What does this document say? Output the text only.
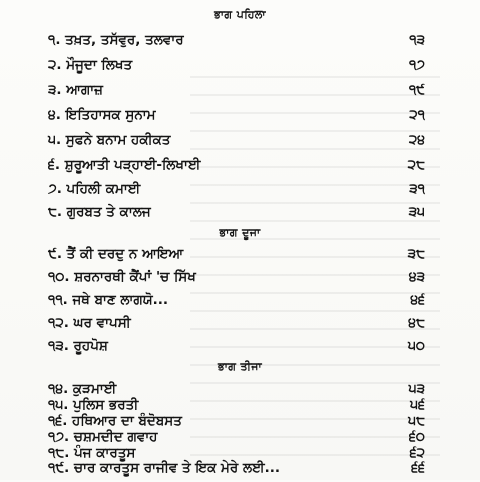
ਭਾਗ ਪਹਿਲਾ
੧. ਤਖ਼ਤ, ਤਸੱਵੁਰ, ਤਲਵਾਰ	੧੩
੨. ਮੌਜੂਦਾ ਲਿਖਤ	੧੭
੩. ਆਗਾਜ਼	੧੯
੪. ਇਤਿਹਾਸਕ ਸੁਨਾਮ	੨੧
੫. ਸੁਫਨੇ ਬਨਾਮ ਹਕੀਕਤ	੨੪
੬. ਸ਼ੁਰੂਆਤੀ ਪੜ੍ਹਾਈ-ਲਿਖਾਈ	੨੮
੭. ਪਹਿਲੀ ਕਮਾਈ	੩੧
੮. ਗੁਰਬਤ ਤੇ ਕਾਲਜ	੩੫
ਭਾਗ ਦੂਜਾ
੯. ਤੈਂ ਕੀ ਦਰਦੁ ਨ ਆਇਆ	੩੮
੧੦. ਸ਼ਰਨਾਰਥੀ ਕੈਂਪਾਂ 'ਚ ਸਿੱਖ	੪੩
੧੧. ਜਥੇ ਬਾਣ ਲਾਗਯੋ...	੪੬
੧੨. ਘਰ ਵਾਪਸੀ	੪੮
੧੩. ਰੂਹਪੋਸ਼	੫੦
ਭਾਗ ਤੀਜਾ
੧੪. ਕੁੜਮਾਈ	੫੩
੧੫. ਪੁਲਿਸ ਭਰਤੀ	੫੬
੧੬. ਹਥਿਆਰ ਦਾ ਬੰਦੋਬਸਤ	੫੮
੧੭. ਚਸ਼ਮਦੀਦ ਗਵਾਹ	੬੦
੧੮. ਪੰਜ ਕਾਰਤੂਸ	੬੨
੧੯. ਚਾਰ ਕਾਰਤੂਸ ਰਾਜੀਵ ਤੇ ਇਕ ਮੇਰੇ ਲਈ...	੬੬
